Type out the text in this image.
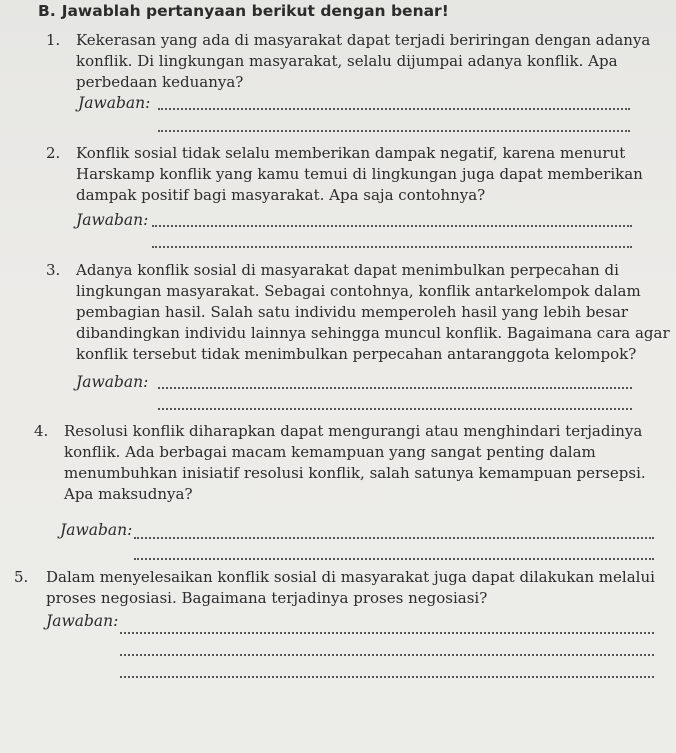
B. Jawablah pertanyaan berikut dengan benar!
1.	Kekerasan yang ada di masyarakat dapat terjadi beriringan dengan adanya
konflik. Di lingkungan masyarakat, selalu dijumpai adanya konflik. Apa
perbedaan keduanya?
Jawaban:
2.	Konflik sosial tidak selalu memberikan dampak negatif, karena menurut
Harskamp konflik yang kamu temui di lingkungan juga dapat memberikan
dampak positif bagi masyarakat. Apa saja contohnya?
Jawaban:
3.	Adanya konflik sosial di masyarakat dapat menimbulkan perpecahan di
lingkungan masyarakat. Sebagai contohnya, konflik antarkelompok dalam
pembagian hasil. Salah satu individu memperoleh hasil yang lebih besar
dibandingkan individu lainnya sehingga muncul konflik. Bagaimana cara agar
konflik tersebut tidak menimbulkan perpecahan antaranggota kelompok?
Jawaban:
4.	Resolusi konflik diharapkan dapat mengurangi atau menghindari terjadinya
konflik. Ada berbagai macam kemampuan yang sangat penting dalam
menumbuhkan inisiatif resolusi konflik, salah satunya kemampuan persepsi.
Apa maksudnya?
Jawaban:
5.	Dalam menyelesaikan konflik sosial di masyarakat juga dapat dilakukan melalui
proses negosiasi. Bagaimana terjadinya proses negosiasi?
Jawaban:
